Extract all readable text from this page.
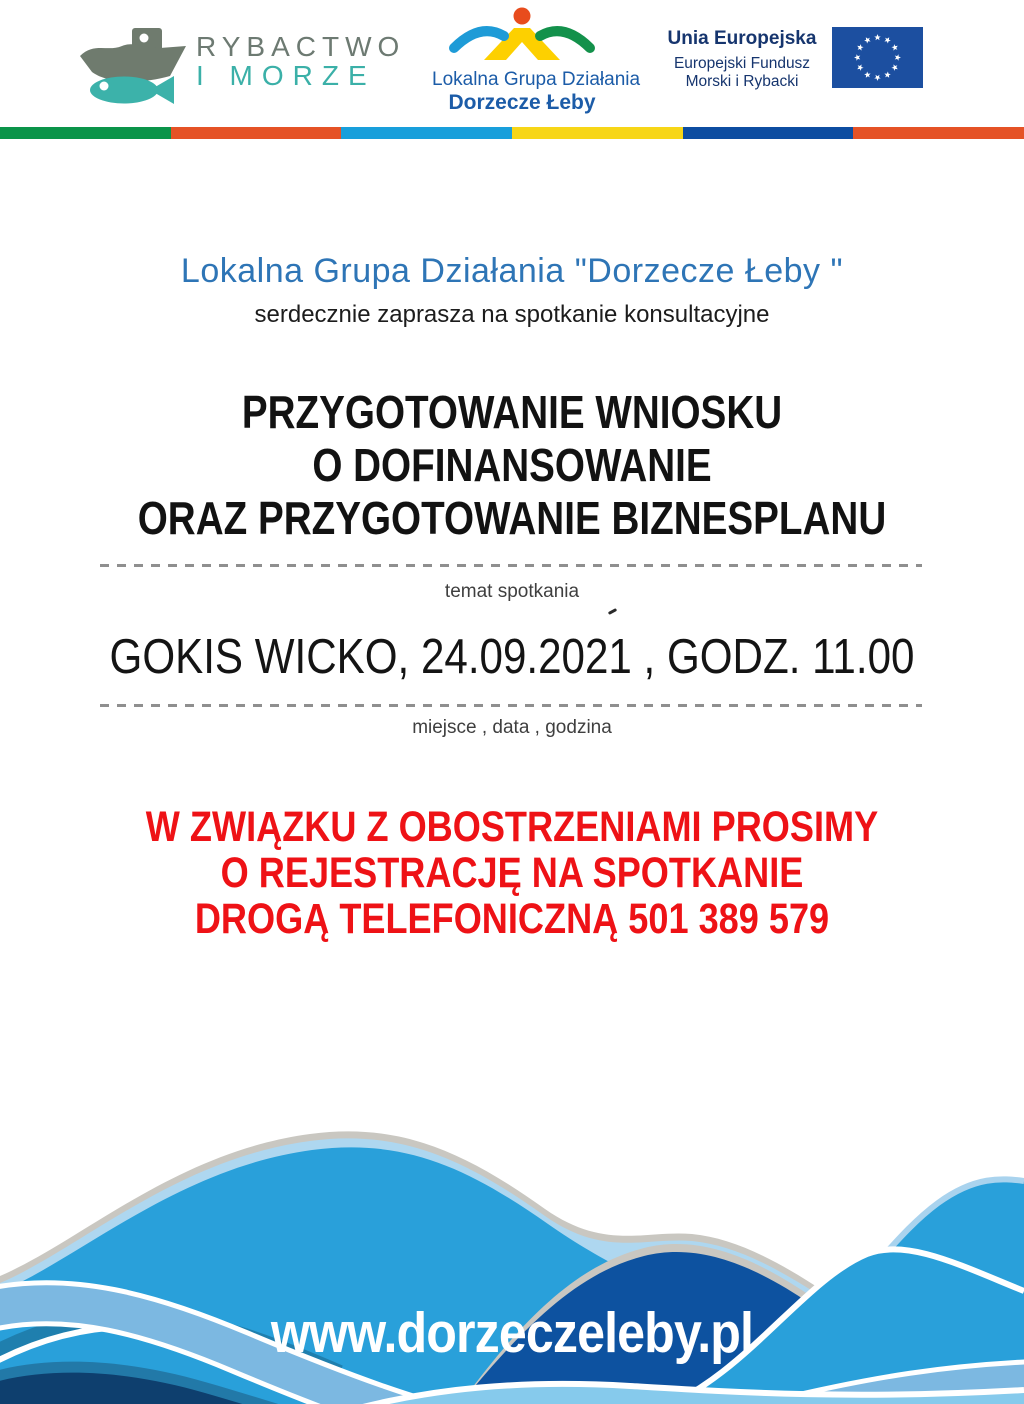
RYBACTWO
I MORZE	Lokalna Grupa Działania
Dorzecze Łeby
Unia Europejska
Europejski Fundusz
Morski i Rybacki
Lokalna Grupa Działania "Dorzecze Łeby "
serdecznie zaprasza na spotkanie konsultacyjne
PRZYGOTOWANIE WNIOSKU
O DOFINANSOWANIE
ORAZ PRZYGOTOWANIE BIZNESPLANU
temat spotkania
GOKIS WICKO, 24.09.2021 , GODZ. 11.00
miejsce , data , godzina
W ZWIĄZKU Z OBOSTRZENIAMI PROSIMY
O REJESTRACJĘ NA SPOTKANIE
DROGĄ TELEFONICZNĄ 501 389 579
www.dorzeczeleby.pl
